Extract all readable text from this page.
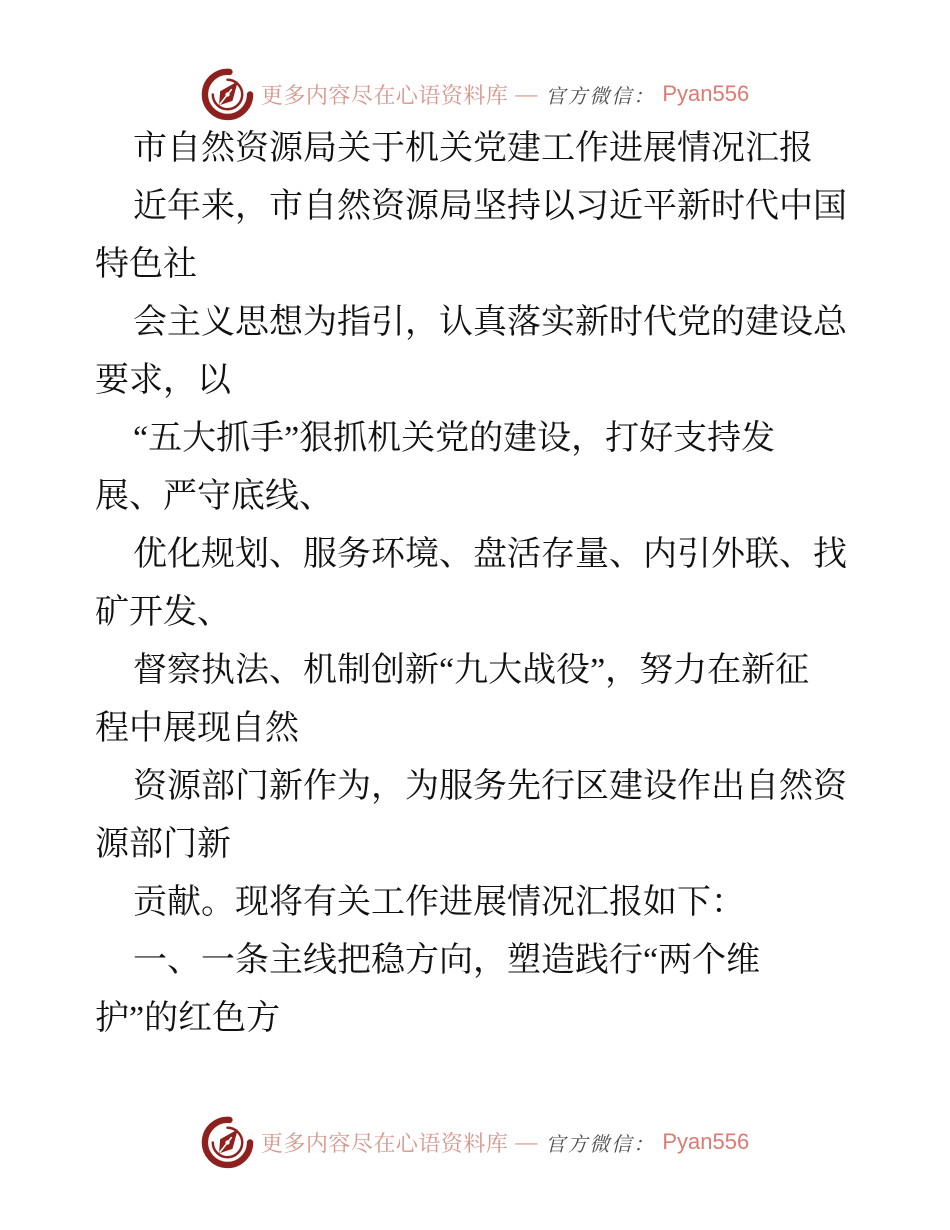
更多内容尽在心语资料库 — 官方微信： Pyan556
市自然资源局关于机关党建工作进展情况汇报
近年来，市自然资源局坚持以习近平新时代中国
特色社
会主义思想为指引，认真落实新时代党的建设总
要求，以
“五大抓手”狠抓机关党的建设，打好支持发
展、严守底线、
优化规划、服务环境、盘活存量、内引外联、找
矿开发、
督察执法、机制创新“九大战役”，努力在新征
程中展现自然
资源部门新作为，为服务先行区建设作出自然资
源部门新
贡献。现将有关工作进展情况汇报如下：
一、一条主线把稳方向，塑造践行“两个维
护”的红色方
更多内容尽在心语资料库 — 官方微信： Pyan556
